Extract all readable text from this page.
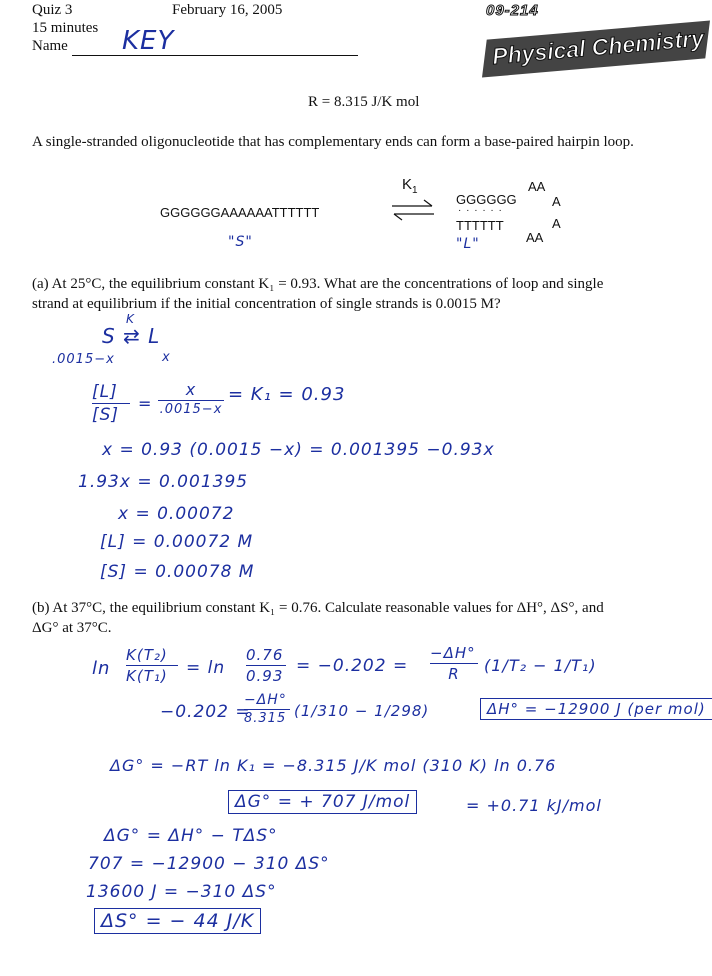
Quiz 3
15 minutes
February 16, 2005
Name KEY
09-214
Physical Chemistry
R = 8.315 J/K mol
A single-stranded oligonucleotide that has complementary ends can form a base-paired hairpin loop.
GGGGGGAAAAAATTTTTT
$K_1$
⇌ GGGGGG
· · · · · ·
TTTTTT
AA
A
A
AA
"S"	"L"
(a) At 25°C, the equilibrium constant K₁ = 0.93. What are the concentrations of loop and single
strand at equilibrium if the initial concentration of single strands is 0.0015 M?
K
S ⇄ L
.0015−x	x
[L]
[S]
=
x
.0015−x
= K₁ = 0.93
x = 0.93 (0.0015 −x) = 0.001395 −0.93x
1.93x = 0.001395
x = 0.00072
[L] = 0.00072 M
[S] = 0.00078 M
(b) At 37°C, the equilibrium constant K₁ = 0.76. Calculate reasonable values for ΔH°, ΔS°, and
ΔG° at 37°C.
ln
K(T₂)
K(T₁)	= ln
0.76
0.93 = −0.202 =
−ΔH°
R	(1/T₂ − 1/T₁)
−0.202 =
−ΔH°
8.315 (1/310 − 1/298)	ΔH° = −12900 J (per mol)
ΔG° = −RT ln K₁ = −8.315 J/K mol (310 K) ln 0.76
ΔG° = + 707 J/mol	= +0.71 kJ/mol
ΔG° = ΔH° − TΔS°
707 = −12900 − 310 ΔS°
13600 J = −310 ΔS°
ΔS° = − 44 J/K
